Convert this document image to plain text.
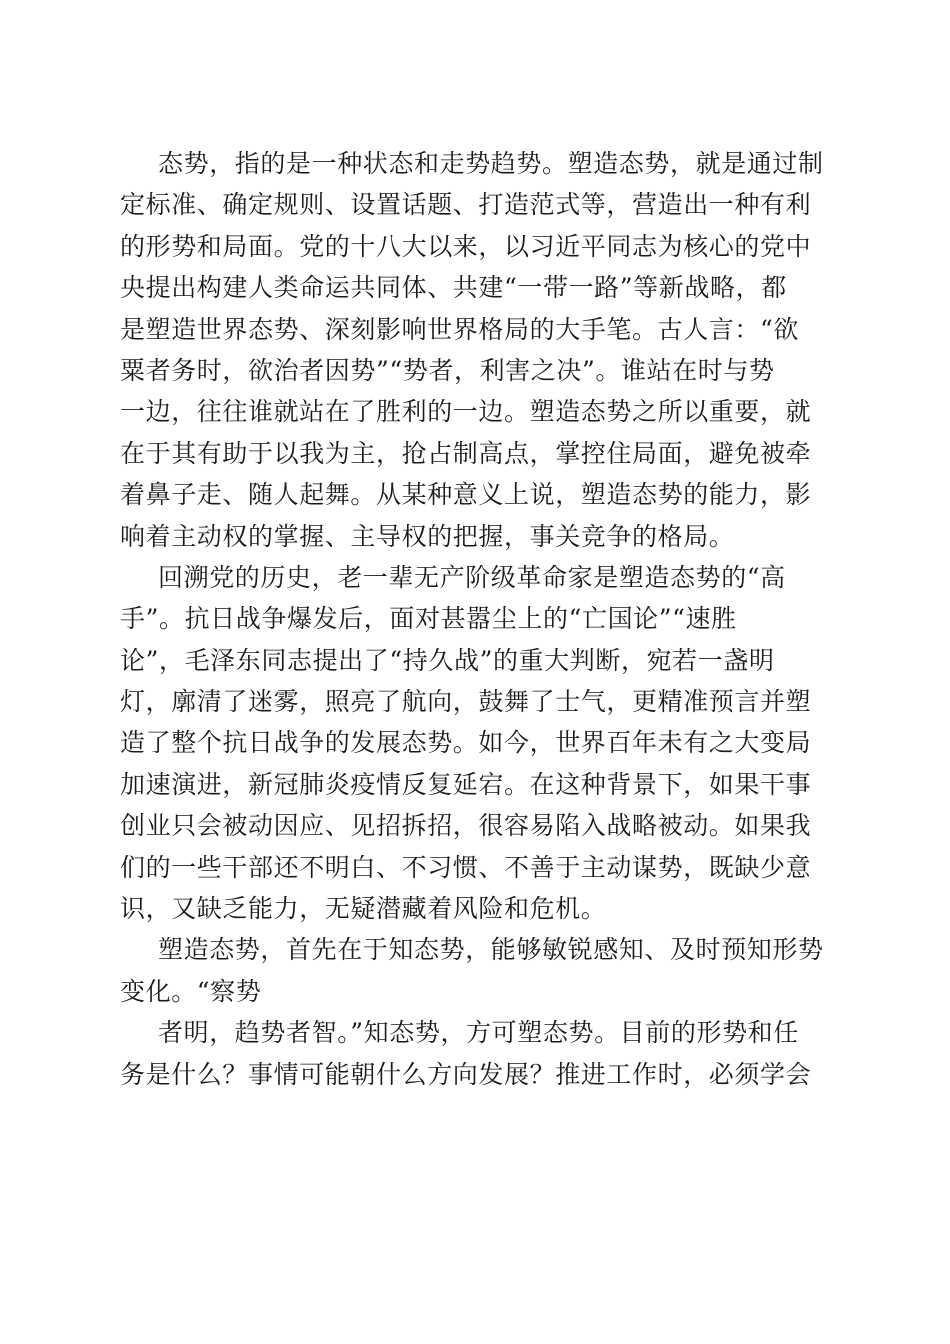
态势，指的是一种状态和走势趋势。塑造态势，就是通过制
定标准、确定规则、设置话题、打造范式等，营造出一种有利
的形势和局面。党的十八大以来，以习近平同志为核心的党中
央提出构建人类命运共同体、共建“一带一路”等新战略，都
是塑造世界态势、深刻影响世界格局的大手笔。古人言：“欲
粟者务时，欲治者因势”“势者，利害之决”。谁站在时与势
一边，往往谁就站在了胜利的一边。塑造态势之所以重要，就
在于其有助于以我为主，抢占制高点，掌控住局面，避免被牵
着鼻子走、随人起舞。从某种意义上说，塑造态势的能力，影
响着主动权的掌握、主导权的把握，事关竞争的格局。
回溯党的历史，老一辈无产阶级革命家是塑造态势的“高
手”。抗日战争爆发后，面对甚嚣尘上的“亡国论”“速胜
论”，毛泽东同志提出了“持久战”的重大判断，宛若一盏明
灯，廓清了迷雾，照亮了航向，鼓舞了士气，更精准预言并塑
造了整个抗日战争的发展态势。如今，世界百年未有之大变局
加速演进，新冠肺炎疫情反复延宕。在这种背景下，如果干事
创业只会被动因应、见招拆招，很容易陷入战略被动。如果我
们的一些干部还不明白、不习惯、不善于主动谋势，既缺少意
识，又缺乏能力，无疑潜藏着风险和危机。
塑造态势，首先在于知态势，能够敏锐感知、及时预知形势
变化。“察势
者明，趋势者智。”知态势，方可塑态势。目前的形势和任
务是什么？事情可能朝什么方向发展？推进工作时，必须学会
